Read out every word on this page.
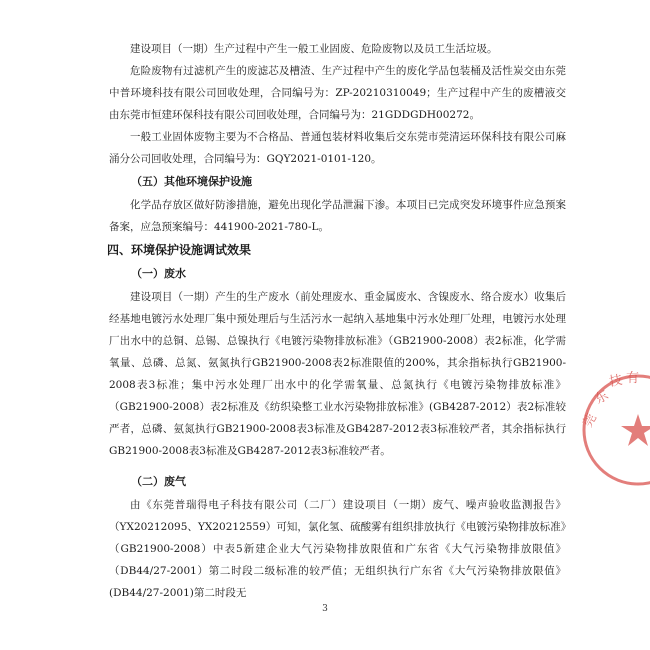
建设项目（一期）生产过程中产生一般工业固废、危险废物以及员工生活垃圾。

危险废物有过滤机产生的废滤芯及槽渣、生产过程中产生的废化学品包装桶及活性炭交由东莞中普环境科技有限公司回收处理，合同编号为：ZP-20210310049；生产过程中产生的废槽液交由东莞市恒建环保科技有限公司回收处理，合同编号为：21GDDGDH00272。

一般工业固体废物主要为不合格品、普通包装材料收集后交东莞市莞清运环保科技有限公司麻涌分公司回收处理，合同编号为：GQY2021-0101-120。

（五）其他环境保护设施

化学品存放区做好防渗措施，避免出现化学品泄漏下渗。本项目已完成突发环境事件应急预案备案，应急预案编号：441900-2021-780-L。

四、环境保护设施调试效果
（一）废水

建设项目（一期）产生的生产废水（前处理废水、重金属废水、含镍废水、络合废水）收集后经基地电镀污水处理厂集中预处理后与生活污水一起纳入基地集中污水处理厂处理，电镀污水处理厂出水中的总铜、总锡、总镍执行《电镀污染物排放标准》（GB21900-2008）表2标准，化学需氧量、总磷、总氮、氨氮执行GB21900-2008表2标准限值的200%，其余指标执行GB21900-2008表3标准；集中污水处理厂出水中的化学需氧量、总氮执行《电镀污染物排放标准》（GB21900-2008）表2标准及《纺织染整工业水污染物排放标准》(GB4287-2012）表2标准较严者，总磷、氨氮执行GB21900-2008表3标准及GB4287-2012表3标准较严者，其余指标执行GB21900-2008表3标准及GB4287-2012表3标准较严者。

（二）废气

由《东莞普瑞得电子科技有限公司（二厂）建设项目（一期）废气、噪声验收监测报告》（YX20212095、YX20212559）可知，氯化氢、硫酸雾有组织排放执行《电镀污染物排放标准》（GB21900-2008）中表5新建企业大气污染物排放限值和广东省《大气污染物排放限值》（DB44/27-2001）第二时段二级标准的较严值；无组织执行广东省《大气污染物排放限值》(DB44/27-2001)第二时段无

3
东
莞
技 有
